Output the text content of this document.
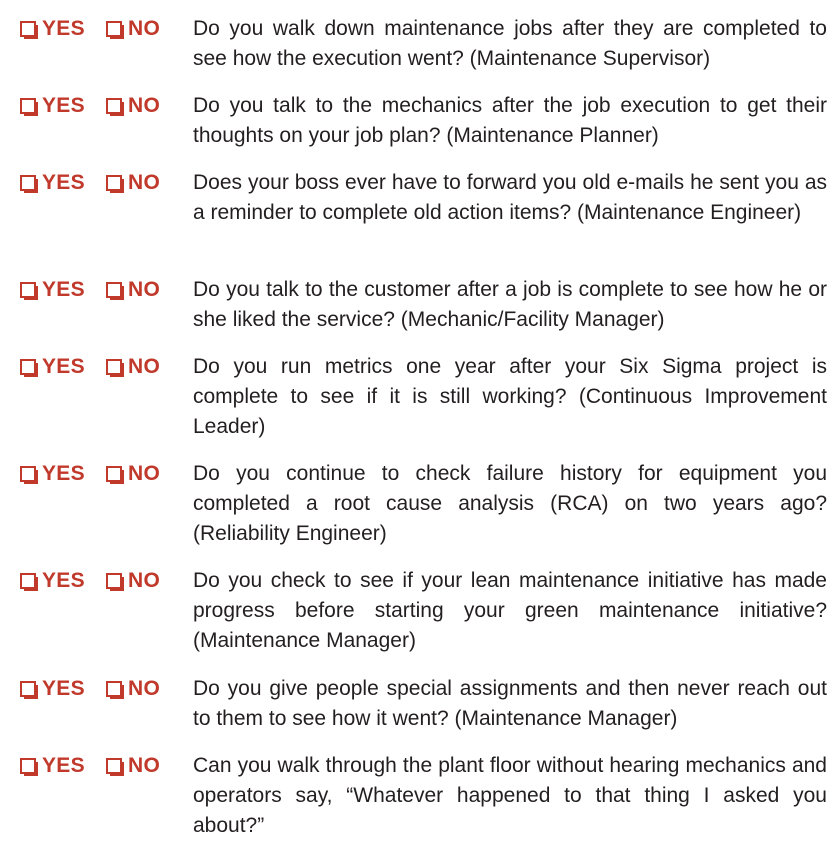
YES NO Do you walk down maintenance jobs after they are completed to see how the execution went? (Maintenance Supervisor)

YES NO Do you talk to the mechanics after the job execution to get their thoughts on your job plan? (Maintenance Planner)

YES NO Does your boss ever have to forward you old e-mails he sent you as a reminder to complete old action items? (Maintenance Engineer)

YES NO Do you talk to the customer after a job is complete to see how he or she liked the service? (Mechanic/Facility Manager)

YES NO Do you run metrics one year after your Six Sigma project is complete to see if it is still working? (Continuous Improvement Leader)

YES NO Do you continue to check failure history for equipment you completed a root cause analysis (RCA) on two years ago? (Reliability Engineer)

YES NO Do you check to see if your lean maintenance initiative has made progress before starting your green maintenance initiative? (Maintenance Manager)

YES NO Do you give people special assignments and then never reach out to them to see how it went? (Maintenance Manager)

YES NO Can you walk through the plant floor without hearing mechanics and operators say, “Whatever happened to that thing I asked you about?”
